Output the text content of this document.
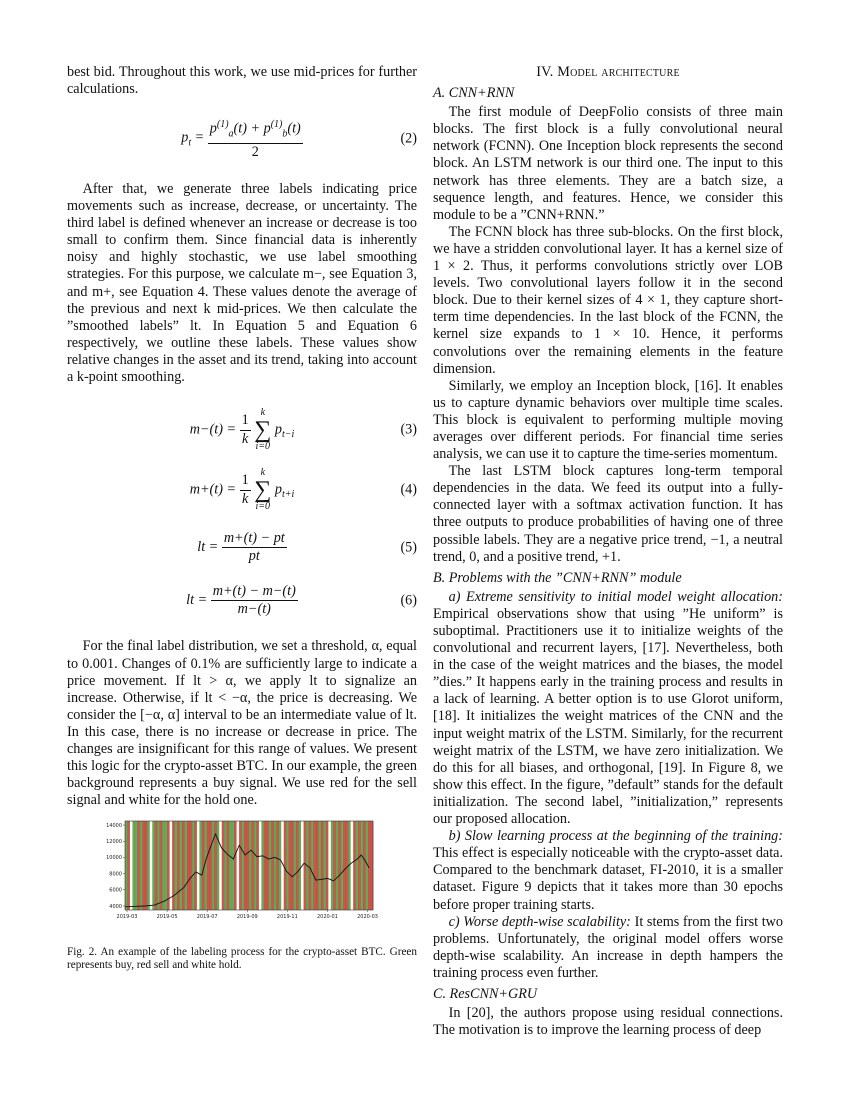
best bid. Throughout this work, we use mid-prices for further calculations.

$p_t = \frac{p^{(1)}_a(t) + p^{(1)}_b(t)}{2}$	(2)

After that, we generate three labels indicating price movements such as increase, decrease, or uncertainty. The third label is defined whenever an increase or decrease is too small to confirm them. Since financial data is inherently noisy and highly stochastic, we use label smoothing strategies. For this purpose, we calculate m−, see Equation 3, and m+, see Equation 4. These values denote the average of the previous and next k mid-prices. We then calculate the ”smoothed labels” lt. In Equation 5 and Equation 6 respectively, we outline these labels. These values show relative changes in the asset and its trend, taking into account a k-point smoothing.

$m-(t) = \frac{1}{k}$
k
∑
i=0
$p_{t-i}$	(3)
$m+(t) = \frac{1}{k}$
k
∑
i=0
$p_{t+i}$	(4)
lt = $\frac{m+(t) - pt}{pt}$	(5)
lt = $\frac{m+(t) - m-(t)}{m-(t)}$	(6)

For the final label distribution, we set a threshold, α, equal to 0.001. Changes of 0.1% are sufficiently large to indicate a price movement. If lt > α, we apply lt to signalize an increase. Otherwise, if lt < −α, the price is decreasing. We consider the [−α, α] interval to be an intermediate value of lt. In this case, there is no increase or decrease in price. The changes are insignificant for this range of values. We present this logic for the crypto-asset BTC. In our example, the green background represents a buy signal. We use red for the sell signal and white for the hold one.

4000
6000
8000
10000
12000
14000
2019-03	2019-05	2019-07	2019-09	2019-11	2020-01	2020-03

Fig. 2. An example of the labeling process for the crypto-asset BTC. Green represents buy, red sell and white hold.

IV. Model architecture
A. CNN+RNN

The first module of DeepFolio consists of three main blocks. The first block is a fully convolutional neural network (FCNN). One Inception block represents the second block. An LSTM network is our third one. The input to this network has three elements. They are a batch size, a sequence length, and features. Hence, we consider this module to be a ”CNN+RNN.”

The FCNN block has three sub-blocks. On the first block, we have a stridden convolutional layer. It has a kernel size of 1 × 2. Thus, it performs convolutions strictly over LOB levels. Two convolutional layers follow it in the second block. Due to their kernel sizes of 4 × 1, they capture short-term time dependencies. In the last block of the FCNN, the kernel size expands to 1 × 10. Hence, it performs convolutions over the remaining elements in the feature dimension.

Similarly, we employ an Inception block, [16]. It enables us to capture dynamic behaviors over multiple time scales. This block is equivalent to performing multiple moving averages over different periods. For financial time series analysis, we can use it to capture the time-series momentum.

The last LSTM block captures long-term temporal dependencies in the data. We feed its output into a fully-connected layer with a softmax activation function. It has three outputs to produce probabilities of having one of three possible labels. They are a negative price trend, −1, a neutral trend, 0, and a positive trend, +1.

B. Problems with the ”CNN+RNN” module

a) Extreme sensitivity to initial model weight allocation: Empirical observations show that using ”He uniform” is suboptimal. Practitioners use it to initialize weights of the convolutional and recurrent layers, [17]. Nevertheless, both in the case of the weight matrices and the biases, the model ”dies.” It happens early in the training process and results in a lack of learning. A better option is to use Glorot uniform, [18]. It initializes the weight matrices of the CNN and the input weight matrix of the LSTM. Similarly, for the recurrent weight matrix of the LSTM, we have zero initialization. We do this for all biases, and orthogonal, [19]. In Figure 8, we show this effect. In the figure, ”default” stands for the default initialization. The second label, ”initialization,” represents our proposed allocation.

b) Slow learning process at the beginning of the training: This effect is especially noticeable with the crypto-asset data. Compared to the benchmark dataset, FI-2010, it is a smaller dataset. Figure 9 depicts that it takes more than 30 epochs before proper training starts.

c) Worse depth-wise scalability: It stems from the first two problems. Unfortunately, the original model offers worse depth-wise scalability. An increase in depth hampers the training process even further.

C. ResCNN+GRU

In [20], the authors propose using residual connections. The motivation is to improve the learning process of deep
